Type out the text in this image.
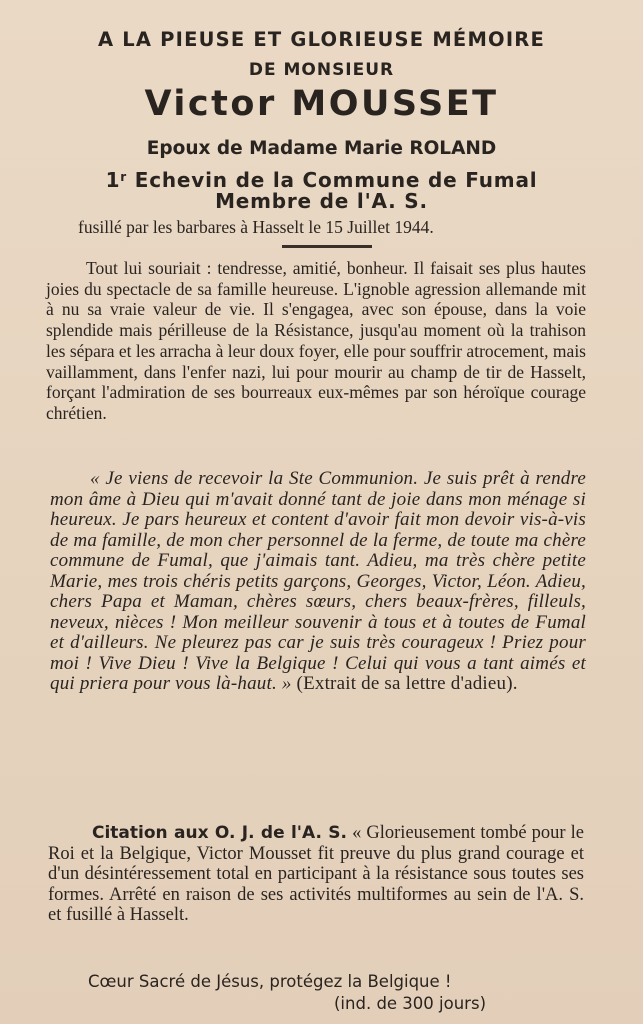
A LA PIEUSE ET GLORIEUSE MÉMOIRE
DE MONSIEUR
Victor MOUSSET
Epoux de Madame Marie ROLAND
1$^r$ Echevin de la Commune de Fumal
Membre de l'A. S.
fusillé par les barbares à Hasselt le 15 Juillet 1944.
Tout lui souriait : tendresse, amitié, bonheur. Il faisait ses plus hautes joies du spectacle de sa famille heureuse. L'ignoble agression allemande mit à nu sa vraie valeur de vie. Il s'engagea, avec son épouse, dans la voie splendide mais périlleuse de la Résistance, jusqu'au moment où la trahison les sépara et les arracha à leur doux foyer, elle pour souffrir atrocement, mais vaillamment, dans l'enfer nazi, lui pour mourir au champ de tir de Hasselt, forçant l'admiration de ses bourreaux eux-mêmes par son héroïque courage chrétien.
« Je viens de recevoir la Ste Communion. Je suis prêt à rendre mon âme à Dieu qui m'avait donné tant de joie dans mon ménage si heureux. Je pars heureux et content d'avoir fait mon devoir vis-à-vis de ma famille, de mon cher personnel de la ferme, de toute ma chère commune de Fumal, que j'aimais tant. Adieu, ma très chère petite Marie, mes trois chéris petits garçons, Georges, Victor, Léon. Adieu, chers Papa et Maman, chères sœurs, chers beaux-frères, filleuls, neveux, nièces ! Mon meilleur souvenir à tous et à toutes de Fumal et d'ailleurs. Ne pleurez pas car je suis très courageux ! Priez pour moi ! Vive Dieu ! Vive la Belgique ! Celui qui vous a tant aimés et qui priera pour vous là-haut. » (Extrait de sa lettre d'adieu).
Citation aux O. J. de l'A. S. « Glorieusement tombé pour le Roi et la Belgique, Victor Mousset fit preuve du plus grand courage et d'un désintéressement total en participant à la résistance sous toutes ses formes. Arrêté en raison de ses activités multiformes au sein de l'A. S. et fusillé à Hasselt.
Cœur Sacré de Jésus, protégez la Belgique !
(ind. de 300 jours)
